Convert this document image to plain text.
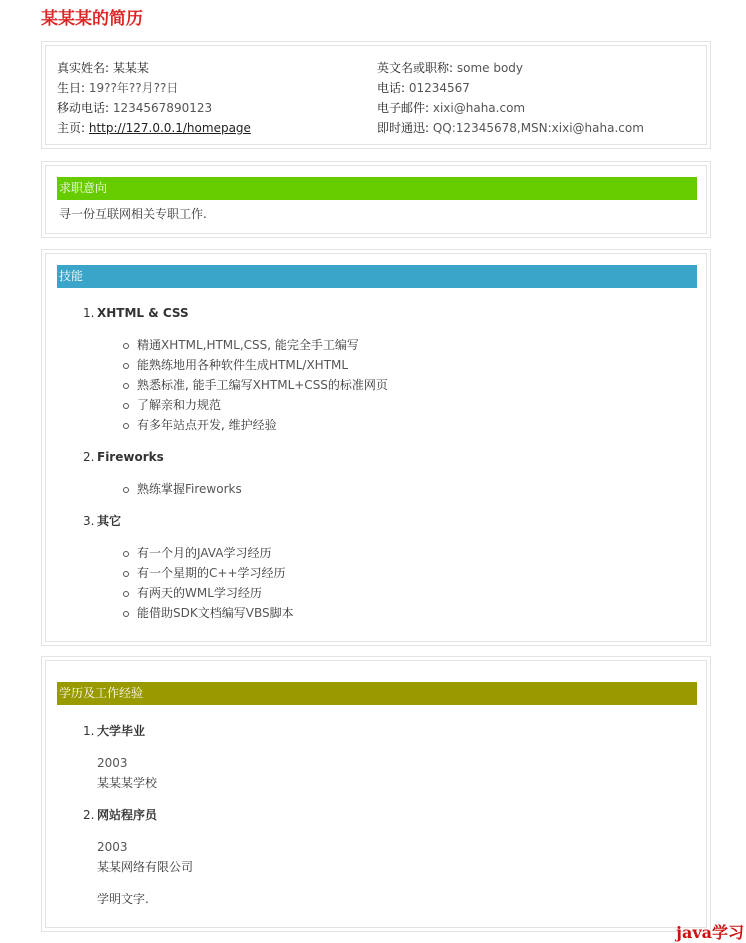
某某某的简历
真实姓名: 某某某	英文名或职称: some body
生日: 19??年??月??日	电话: 01234567
移动电话: 1234567890123	电子邮件: xixi@haha.com
主页: http://127.0.0.1/homepage	即时通迅: QQ:12345678,MSN:xixi@haha.com
求职意向
寻一份互联网相关专职工作.
技能
1. XHTML & CSS
精通XHTML,HTML,CSS, 能完全手工编写
能熟练地用各种软件生成HTML/XHTML
熟悉标准, 能手工编写XHTML+CSS的标准网页
了解亲和力规范
有多年站点开发, 维护经验
2. Fireworks
熟练掌握Fireworks
3. 其它
有一个月的JAVA学习经历
有一个星期的C++学习经历
有两天的WML学习经历
能借助SDK文档编写VBS脚本
学历及工作经验
1. 大学毕业
2003
某某某学校
2. 网站程序员
2003
某某网络有限公司
学明文字.
java学习
